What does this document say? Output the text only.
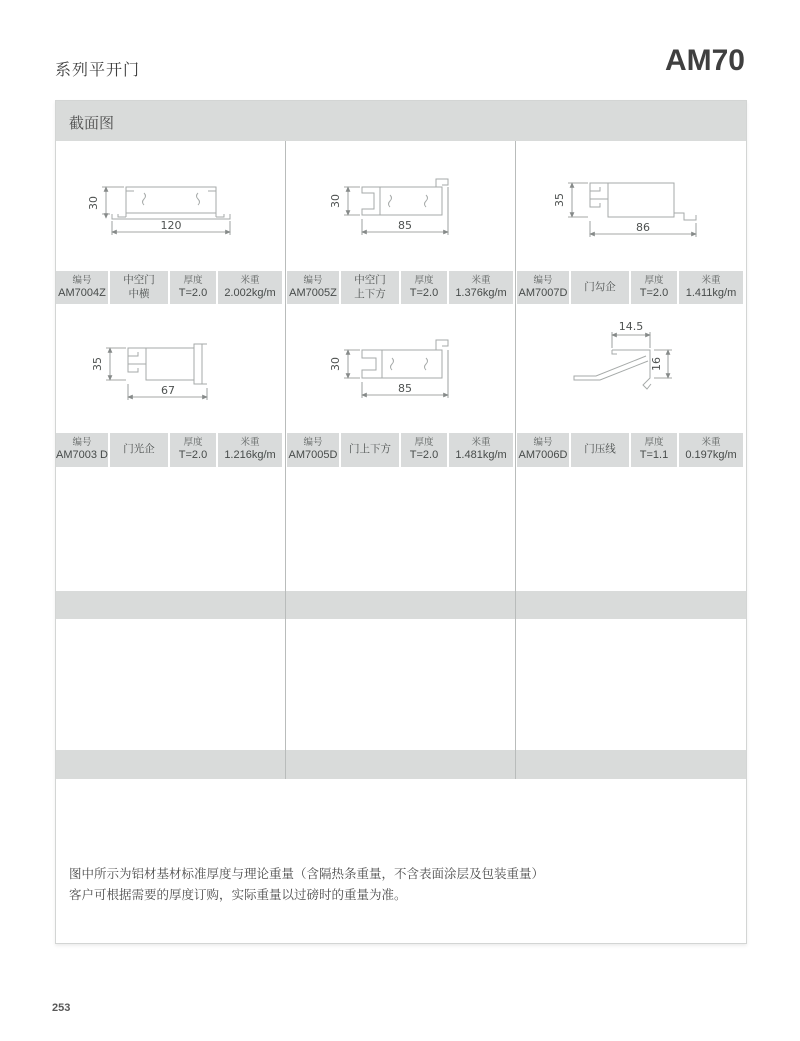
系列平开门	AM70
截面图
30
120
30
85
35
86
编号
AM7004Z
中空门
中横
厚度
T=2.0
米重
2.002kg/m
编号
AM7005Z
中空门
上下方
厚度
T=2.0
米重
1.376kg/m
编号
AM7007D 门勾企
厚度
T=2.0
米重
1.411kg/m
35
67
30
85
14.5
16
编号
AM7003 D 门光企
厚度
T=2.0
米重
1.216kg/m
编号
AM7005D 门上下方
厚度
T=2.0
米重
1.481kg/m
编号
AM7006D 门压线
厚度
T=1.1
米重
0.197kg/m
图中所示为铝材基材标准厚度与理论重量（含隔热条重量，不含表面涂层及包装重量）
客户可根据需要的厚度订购，实际重量以过磅时的重量为准。
253
